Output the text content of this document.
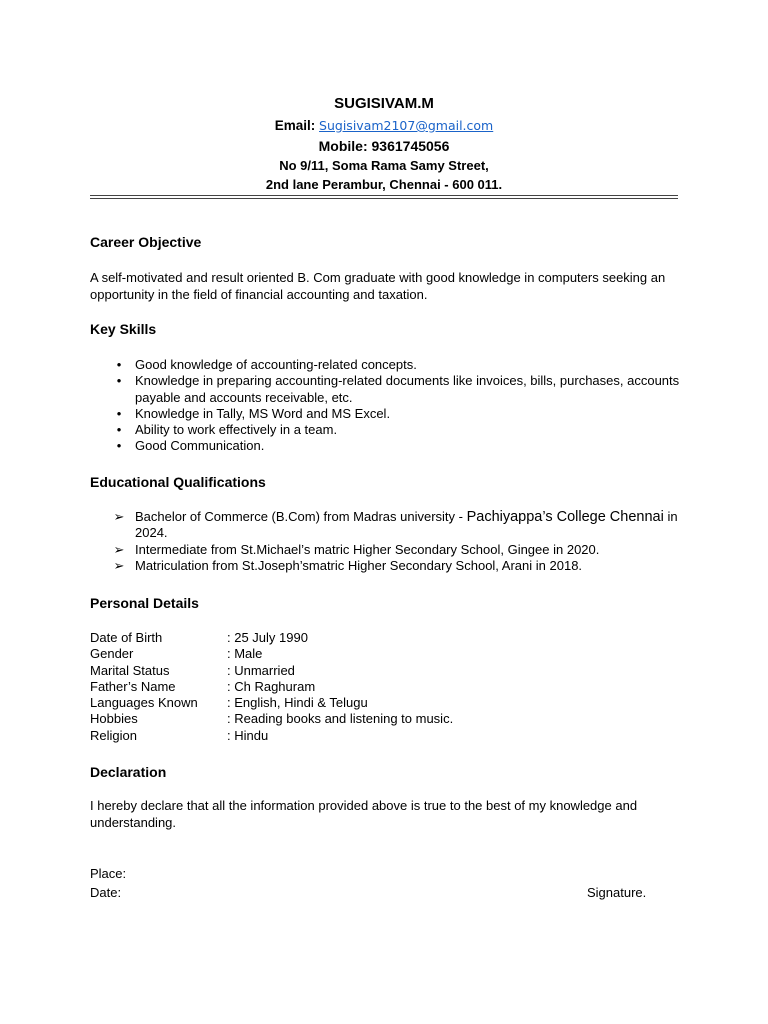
SUGISIVAM.M
Email: Sugisivam2107@gmail.com
Mobile: 9361745056
No 9/11, Soma Rama Samy Street,
2nd lane Perambur, Chennai - 600 011.
Career Objective
A self-motivated and result oriented B. Com graduate with good knowledge in computers seeking an opportunity in the field of financial accounting and taxation.
Key Skills
•	Good knowledge of accounting-related concepts.
•	Knowledge in preparing accounting-related documents like invoices, bills, purchases, accounts payable and accounts receivable, etc.
•	Knowledge in Tally, MS Word and MS Excel.
•	Ability to work effectively in a team.
•	Good Communication.
Educational Qualifications
➢ Bachelor of Commerce (B.Com) from Madras university - Pachiyappa’s College Chennai in 2024.
➢ Intermediate from St.Michael’s matric Higher Secondary School, Gingee in 2020.
➢ Matriculation from St.Joseph’smatric Higher Secondary School, Arani in 2018.
Personal Details
Date of Birth	: 25 July 1990
Gender	: Male
Marital Status	: Unmarried
Father’s Name	: Ch Raghuram
Languages Known	: English, Hindi & Telugu
Hobbies	: Reading books and listening to music.
Religion	: Hindu
Declaration
I hereby declare that all the information provided above is true to the best of my knowledge and understanding.
Place:
Date:	Signature.
